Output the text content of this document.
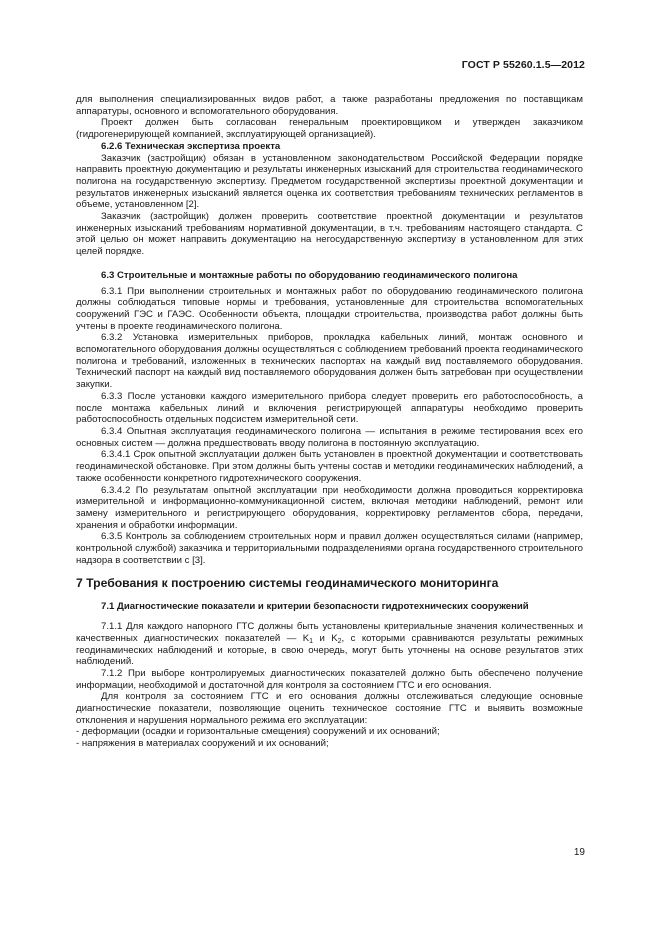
ГОСТ Р 55260.1.5—2012

для выполнения специализированных видов работ, а также разработаны предложения по поставщикам аппаратуры, основного и вспомогательного оборудования.

Проект должен быть согласован генеральным проектировщиком и утвержден заказчиком (гидрогенерирующей компанией, эксплуатирующей организацией).

6.2.6 Техническая экспертиза проекта

Заказчик (застройщик) обязан в установленном законодательством Российской Федерации порядке направить проектную документацию и результаты инженерных изысканий для строительства геодинамического полигона на государственную экспертизу. Предметом государственной экспертизы проектной документации и результатов инженерных изысканий является оценка их соответствия требованиям технических регламентов в объеме, установленном [2].

Заказчик (застройщик) должен проверить соответствие проектной документации и результатов инженерных изысканий требованиям нормативной документации, в т.ч. требованиям настоящего стандарта. С этой целью он может направить документацию на негосударственную экспертизу в установленном для этих целей порядке.

6.3 Строительные и монтажные работы по оборудованию геодинамического полигона

6.3.1 При выполнении строительных и монтажных работ по оборудованию геодинамического полигона должны соблюдаться типовые нормы и требования, установленные для строительства вспомогательных сооружений ГЭС и ГАЭС. Особенности объекта, площадки строительства, производства работ должны быть учтены в проекте геодинамического полигона.

6.3.2 Установка измерительных приборов, прокладка кабельных линий, монтаж основного и вспомогательного оборудования должны осуществляться с соблюдением требований проекта геодинамического полигона и требований, изложенных в технических паспортах на каждый вид поставляемого оборудования. Технический паспорт на каждый вид поставляемого оборудования должен быть затребован при осуществлении закупки.

6.3.3 После установки каждого измерительного прибора следует проверить его работоспособность, а после монтажа кабельных линий и включения регистрирующей аппаратуры необходимо проверить работоспособность отдельных подсистем измерительной сети.

6.3.4 Опытная эксплуатация геодинамического полигона — испытания в режиме тестирования всех его основных систем — должна предшествовать вводу полигона в постоянную эксплуатацию.

6.3.4.1 Срок опытной эксплуатации должен быть установлен в проектной документации и соответствовать геодинамической обстановке. При этом должны быть учтены состав и методики геодинамических наблюдений, а также особенности конкретного гидротехнического сооружения.

6.3.4.2 По результатам опытной эксплуатации при необходимости должна проводиться корректировка измерительной и информационно-коммуникационной систем, включая методики наблюдений, ремонт или замену измерительного и регистрирующего оборудования, корректировку регламентов сбора, передачи, хранения и обработки информации.

6.3.5 Контроль за соблюдением строительных норм и правил должен осуществляться силами (например, контрольной службой) заказчика и территориальными подразделениями органа государственного строительного надзора в соответствии с [3].

7 Требования к построению системы геодинамического мониторинга

7.1 Диагностические показатели и критерии безопасности гидротехнических сооружений

7.1.1 Для каждого напорного ГТС должны быть установлены критериальные значения количественных и качественных диагностических показателей — $K_1$ и $K_2$, с которыми сравниваются результаты режимных геодинамических наблюдений и которые, в свою очередь, могут быть уточнены на основе результатов этих наблюдений.

7.1.2 При выборе контролируемых диагностических показателей должно быть обеспечено получение информации, необходимой и достаточной для контроля за состоянием ГТС и его основания.

Для контроля за состоянием ГТС и его основания должны отслеживаться следующие основные диагностические показатели, позволяющие оценить техническое состояние ГТС и выявить возможные отклонения и нарушения нормального режима его эксплуатации:

- деформации (осадки и горизонтальные смещения) сооружений и их оснований;

- напряжения в материалах сооружений и их оснований;

19
